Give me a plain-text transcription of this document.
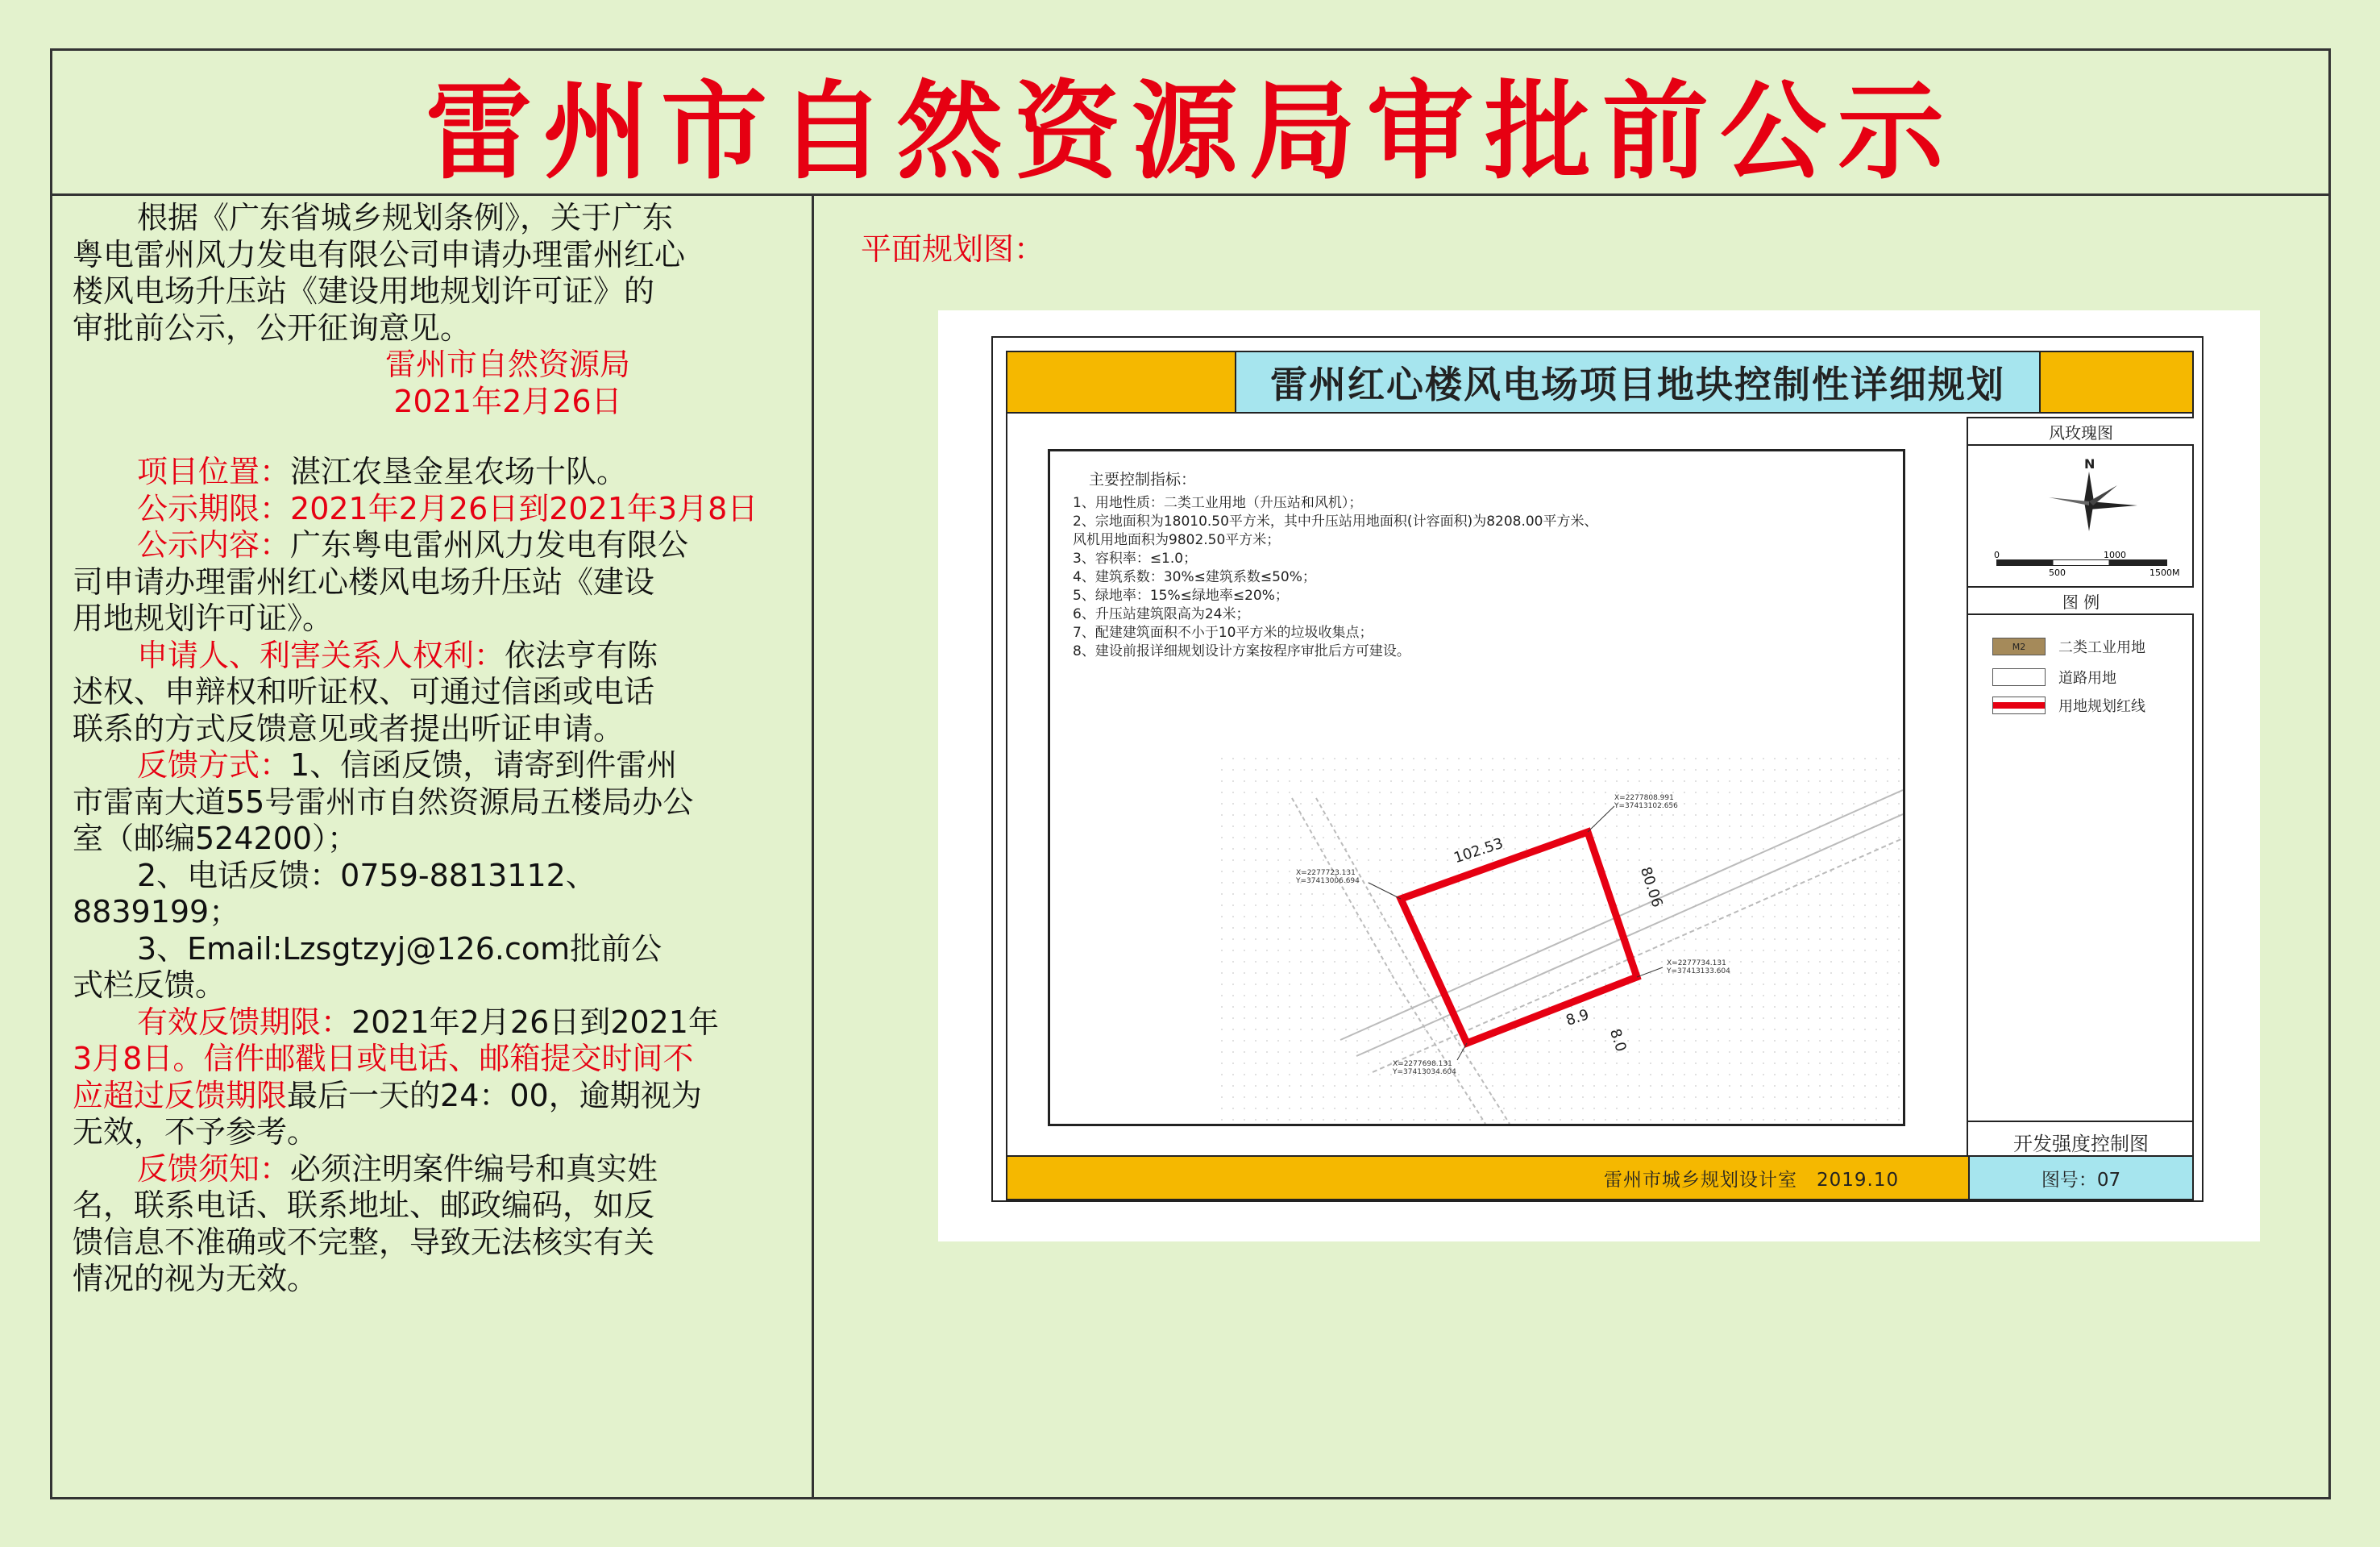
雷州市自然资源局审批前公示

根据《广东省城乡规划条例》，关于广东

粤电雷州风力发电有限公司申请办理雷州红心

楼风电场升压站《建设用地规划许可证》的

审批前公示，公开征询意见。

雷州市自然资源局

2021年2月26日

项目位置：湛江农垦金星农场十队。

公示期限：2021年2月26日到2021年3月8日

公示内容：广东粤电雷州风力发电有限公

司申请办理雷州红心楼风电场升压站《建设

用地规划许可证》。

申请人、利害关系人权利：依法亨有陈

述权、申辩权和听证权、可通过信函或电话

联系的方式反馈意见或者提出听证申请。

反馈方式：1、信函反馈，请寄到件雷州

市雷南大道55号雷州市自然资源局五楼局办公

室（邮编524200）；

2、电话反馈：0759-8813112、

8839199；

3、Email:Lzsgtzyj@126.com批前公

式栏反馈。

有效反馈期限：2021年2月26日到2021年

3月8日。信件邮戳日或电话、邮箱提交时间不

应超过反馈期限最后一天的24：00，逾期视为

无效，不予参考。

反馈须知：必须注明案件编号和真实姓

名，联系电话、联系地址、邮政编码，如反

馈信息不准确或不完整，导致无法核实有关

情况的视为无效。

平面规划图：
雷州红心楼风电场项目地块控制性详细规划
主要控制指标：
1、用地性质：二类工业用地（升压站和风机）；
2、宗地面积为18010.50平方米，其中升压站用地面积(计容面积)为8208.00平方米、
风机用地面积为9802.50平方米；
3、容积率：≤1.0；
4、建筑系数：30%≤建筑系数≤50%；
5、绿地率：15%≤绿地率≤20%；
6、升压站建筑限高为24米；
7、配建建筑面积不小于10平方米的垃圾收集点；
8、建设前报详细规划设计方案按程序审批后方可建设。
102.53
80.06
8.9
8.0
X=2277808.991
Y=37413102.656
X=2277723.131
Y=37413006.694
X=2277734.131
Y=37413133.604
X=2277698.131
Y=37413034.604
风玫瑰图
N
0
500
1000
1500M
图 例
M2	二类工业用地
道路用地
用地规划红线
开发强度控制图
雷州市城乡规划设计室　2019.10	图号：07
